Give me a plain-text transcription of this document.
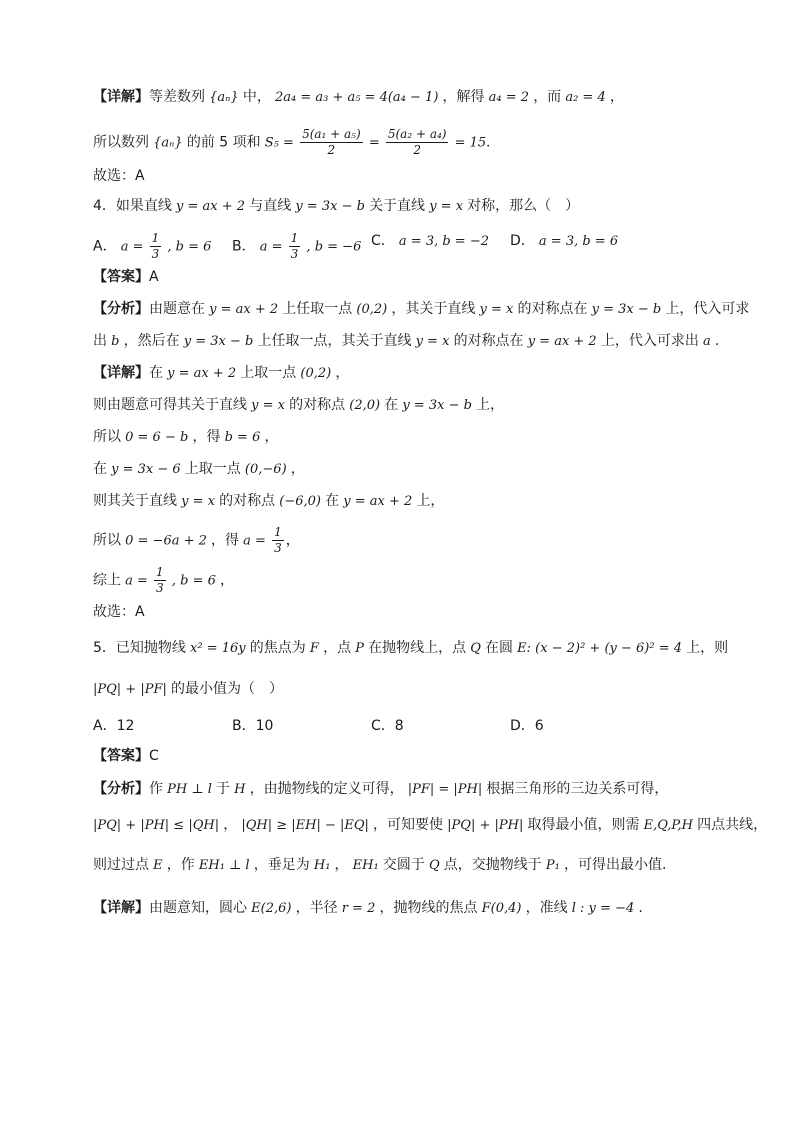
【详解】等差数列 {aₙ} 中， 2a₄ = a₃ + a₅ = 4(a₄ − 1) ，解得 a₄ = 2 ，而 a₂ = 4 ，
所以数列 {aₙ} 的前 5 项和 $S_5 = \frac{\text{5(a₁ + a₅)}}{2} = \frac{\text{5(a₂ + a₄)}}{2} = 15$.
故选：A
4．如果直线 y = ax + 2 与直线 y = 3x − b 关于直线 y = x 对称，那么（　）
【答案】A
【分析】由题意在 y = ax + 2 上任取一点 (0,2) ，其关于直线 y = x 的对称点在 y = 3x − b 上，代入可求
出 b ，然后在 y = 3x − b 上任取一点，其关于直线 y = x 的对称点在 y = ax + 2 上，代入可求出 a .
【详解】在 y = ax + 2 上取一点 (0,2) ，
则由题意可得其关于直线 y = x 的对称点 (2,0) 在 y = 3x − b 上，
所以 0 = 6 − b ，得 b = 6 ，
在 y = 3x − 6 上取一点 (0,−6) ，
则其关于直线 y = x 的对称点 (−6,0) 在 y = ax + 2 上，
所以 0 = −6a + 2 ，得 $a = \frac{1}{3}$ ，
综上 $a = \frac{1}{3}$ , b = 6 ，
故选：A
5．已知抛物线 x² = 16y 的焦点为 F ，点 P 在抛物线上，点 Q 在圆 E: (x − 2)² + (y − 6)² = 4 上，则
|PQ| + |PF| 的最小值为（　）
【答案】C
【分析】作 PH ⊥ l 于 H ，由抛物线的定义可得， |PF| = |PH| 根据三角形的三边关系可得，
|PQ| + |PH| ≤ |QH| ， |QH| ≥ |EH| − |EQ| ，可知要使 |PQ| + |PH| 取得最小值，则需 E,Q,P,H 四点共线，
则过过点 E ，作 EH₁ ⊥ l ，垂足为 H₁ ， EH₁ 交圆于 Q 点，交抛物线于 P₁ ，可得出最小值.
【详解】由题意知，圆心 E(2,6) ，半径 r = 2 ，抛物线的焦点 F(0,4) ，准线 l : y = −4 .
A． $a = \frac{1}{3}$ , b = 6 B． $a = \frac{1}{3}$ , b = −6 C． a = 3, b = −2 D． a = 3, b = 6
A．12	B．10	C．8	D．6
